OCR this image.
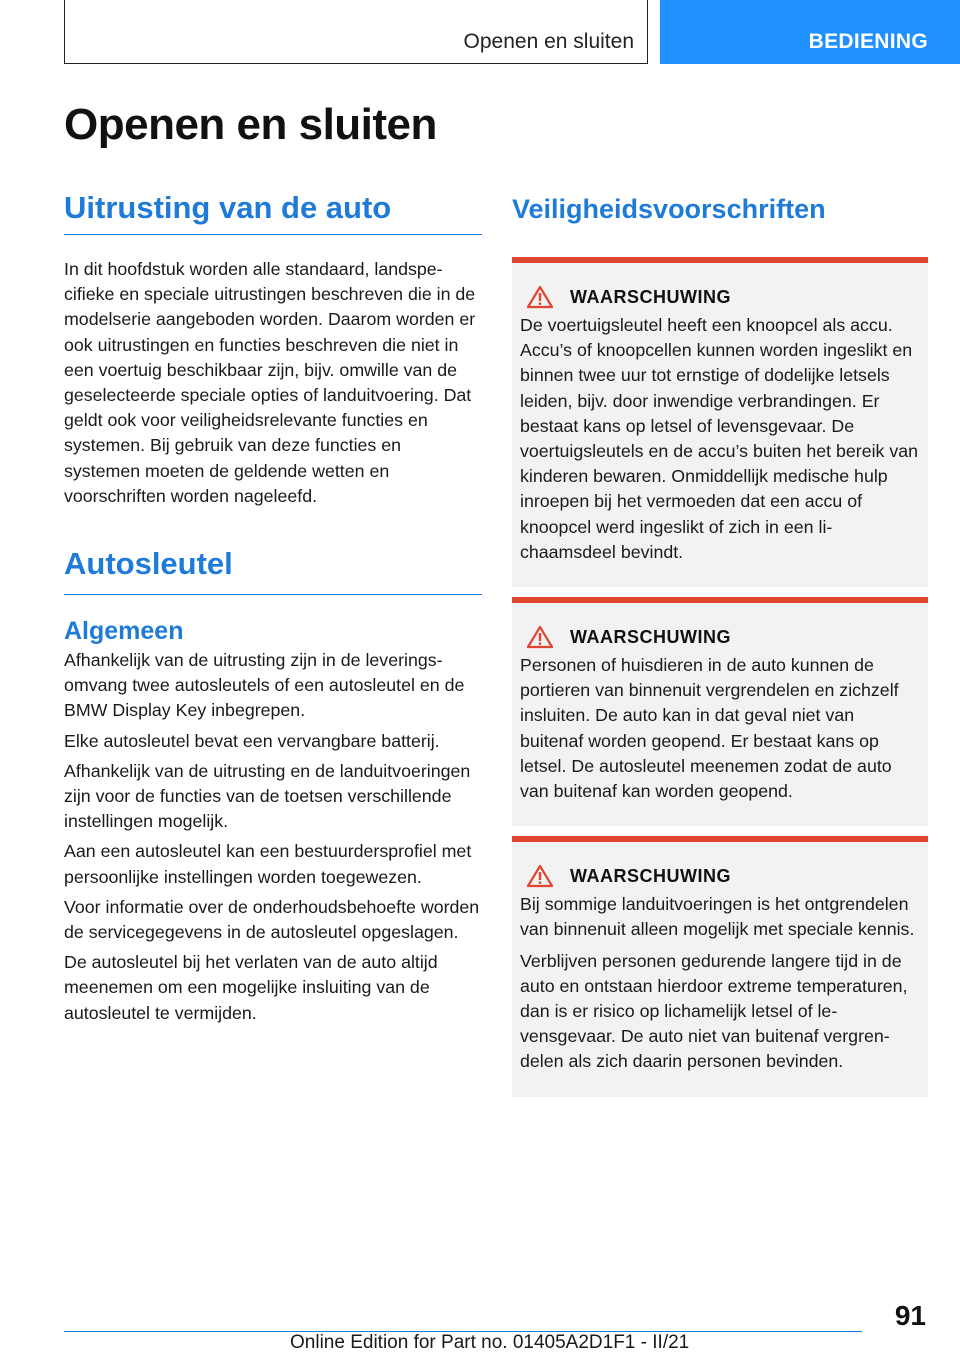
Openen en sluiten	BEDIENING
Openen en sluiten
Uitrusting van de auto

In dit hoofdstuk worden alle standaard, landspecifieke en speciale uitrustingen beschreven die in de modelserie aangeboden worden. Daarom worden er ook uitrustingen en functies beschreven die niet in een voertuig beschikbaar zijn, bijv. omwille van de geselecteerde speciale opties of landuitvoering. Dat geldt ook voor veiligheidsrelevante functies en systemen. Bij gebruik van deze functies en systemen moeten de geldende wetten en voorschriften worden nageleefd.

Autosleutel
Algemeen

Afhankelijk van de uitrusting zijn in de leveringsomvang twee autosleutels of een autosleutel en de BMW Display Key inbegrepen.

Elke autosleutel bevat een vervangbare batterij.

Afhankelijk van de uitrusting en de landuitvoeringen zijn voor de functies van de toetsen verschillende instellingen mogelijk.

Aan een autosleutel kan een bestuurdersprofiel met persoonlijke instellingen worden toegewezen.

Voor informatie over de onderhoudsbehoefte worden de servicegegevens in de autosleutel opgeslagen.

De autosleutel bij het verlaten van de auto altijd meenemen om een mogelijke insluiting van de autosleutel te vermijden.

Veiligheidsvoorschriften
WAARSCHUWING

De voertuigsleutel heeft een knoopcel als accu. Accu’s of knoopcellen kunnen worden ingeslikt en binnen twee uur tot ernstige of dodelijke letsels leiden, bijv. door inwendige verbrandingen. Er bestaat kans op letsel of levensgevaar. De voertuigsleutels en de accu’s buiten het bereik van kinderen bewaren. Onmiddellijk medische hulp inroepen bij het vermoeden dat een accu of knoopcel werd ingeslikt of zich in een lichaamsdeel bevindt.

WAARSCHUWING

Personen of huisdieren in de auto kunnen de portieren van binnenuit vergrendelen en zichzelf insluiten. De auto kan in dat geval niet van buitenaf worden geopend. Er bestaat kans op letsel. De autosleutel meenemen zodat de auto van buitenaf kan worden geopend.

WAARSCHUWING

Bij sommige landuitvoeringen is het ontgrendelen van binnenuit alleen mogelijk met speciale kennis.

Verblijven personen gedurende langere tijd in de auto en ontstaan hierdoor extreme temperaturen, dan is er risico op lichamelijk letsel of levensgevaar. De auto niet van buitenaf vergrendelen als zich daarin personen bevinden.

91
Online Edition for Part no. 01405A2D1F1 - II/21
